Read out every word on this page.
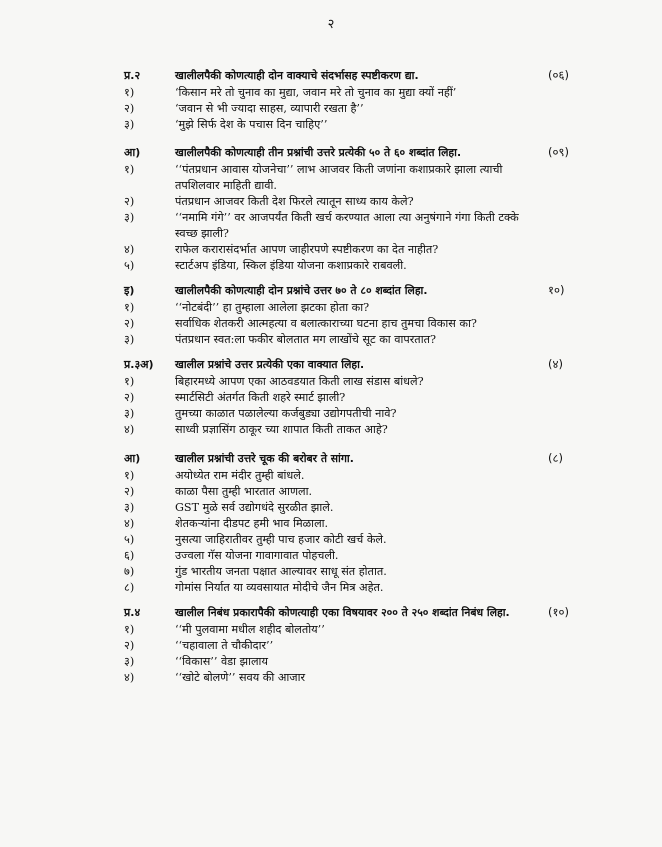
२
प्र.२	खालीलपैकी कोणत्याही दोन वाक्याचे संदर्भासह स्पष्टीकरण द्या.	(०६)
१)	‘किसान मरे तो चुनाव का मुद्या, जवान मरे तो चुनाव का मुद्या क्यों नहीं’
२)	‘जवान से भी ज्यादा साहस, व्यापारी रखता है’’
३)	‘मुझे सिर्फ देश के पचास दिन चाहिए’’
आ)	खालीलपैकी कोणत्याही तीन प्रश्नांची उत्तरे प्रत्येकी ५० ते ६० शब्दांत लिहा.	(०९)
१)	‘‘पंतप्रधान आवास योजनेचा’’ लाभ आजवर किती जणांना कशाप्रकारे झाला त्याची तपशिलवार माहिती द्यावी.
२)	पंतप्रधान आजवर किती देश फिरले त्यातून साध्य काय केले?
३)	‘‘नमामि गंगे’’ वर आजपर्यंत किती खर्च करण्यात आला त्या अनुषंगाने गंगा किती टक्के स्वच्छ झाली?
४)	राफेल करारासंदर्भात आपण जाहीरपणे स्पष्टीकरण का देत नाहीत?
५)	स्टार्टअप इंडिया, स्किल इंडिया योजना कशाप्रकारे राबवली.
इ)	खालीलपैकी कोणत्याही दोन प्रश्नांचे उत्तर ७० ते ८० शब्दांत लिहा.	१०)
१)	‘‘नोटबंदी’’ हा तुम्हाला आलेला झटका होता का?
२)	सर्वाधिक शेतकरी आत्महत्या व बलात्काराच्या घटना हाच तुमचा विकास का?
३)	पंतप्रधान स्वत:ला फकीर बोलतात मग लाखोंचे सूट का वापरतात?
प्र.३अ) खालील प्रश्नांचे उत्तर प्रत्येकी एका वाक्यात लिहा.	(४)
१)	बिहारमध्ये आपण एका आठवडयात किती लाख संडास बांधले?
२)	स्मार्टसिटी अंतर्गत किती शहरे स्मार्ट झाली?
३)	तुमच्या काळात पळालेल्या कर्जबुड्या उद्योगपतीची नावे?
४)	साध्वी प्रज्ञासिंग ठाकूर च्या शापात किती ताकत आहे?
आ)	खालील प्रश्नांची उत्तरे चूक की बरोबर ते सांगा.	(८)
१)	अयोध्येत राम मंदीर तुम्ही बांधले.
२)	काळा पैसा तुम्ही भारतात आणला.
३)	GST मुळे सर्व उद्योगधंदे सुरळीत झाले.
४)	शेतकऱ्यांना दीडपट हमी भाव मिळाला.
५)	नुसत्या जाहिरातीवर तुम्ही पाच हजार कोटी खर्च केले.
६)	उज्वला गॅस योजना गावागावात पोहचली.
७)	गुंड भारतीय जनता पक्षात आल्यावर साधू संत होतात.
८)	गोमांस निर्यात या व्यवसायात मोदीचे जैन मित्र अहेत.
प्र.४	खालील निबंध प्रकारापैकी कोणत्याही एका विषयावर २०० ते २५० शब्दांत निबंध लिहा.	(१०)
१)	‘‘मी पुलवामा मधील शहीद बोलतोय’’
२)	‘‘चहावाला ते चौकीदार’’
३)	‘‘विकास’’ वेडा झालाय
४)	‘‘खोटे बोलणे’’ सवय की आजार
